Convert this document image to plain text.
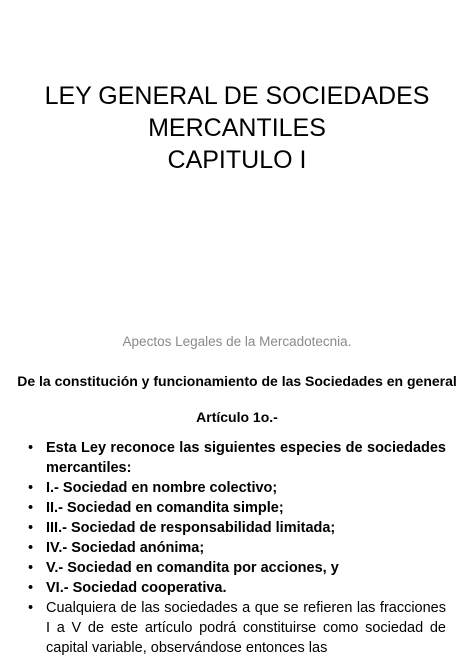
LEY GENERAL DE SOCIEDADES
MERCANTILES
CAPITULO I
Apectos Legales de la Mercadotecnia.
De la constitución y funcionamiento de las Sociedades en general
Artículo 1o.-
• Esta Ley reconoce las siguientes especies de sociedades mercantiles:
• I.- Sociedad en nombre colectivo;
• II.- Sociedad en comandita simple;
• III.- Sociedad de responsabilidad limitada;
• IV.- Sociedad anónima;
• V.- Sociedad en comandita por acciones, y
• VI.- Sociedad cooperativa.
• Cualquiera de las sociedades a que se refieren las fracciones I a V de este artículo podrá constituirse como sociedad de capital variable, observándose entonces las
